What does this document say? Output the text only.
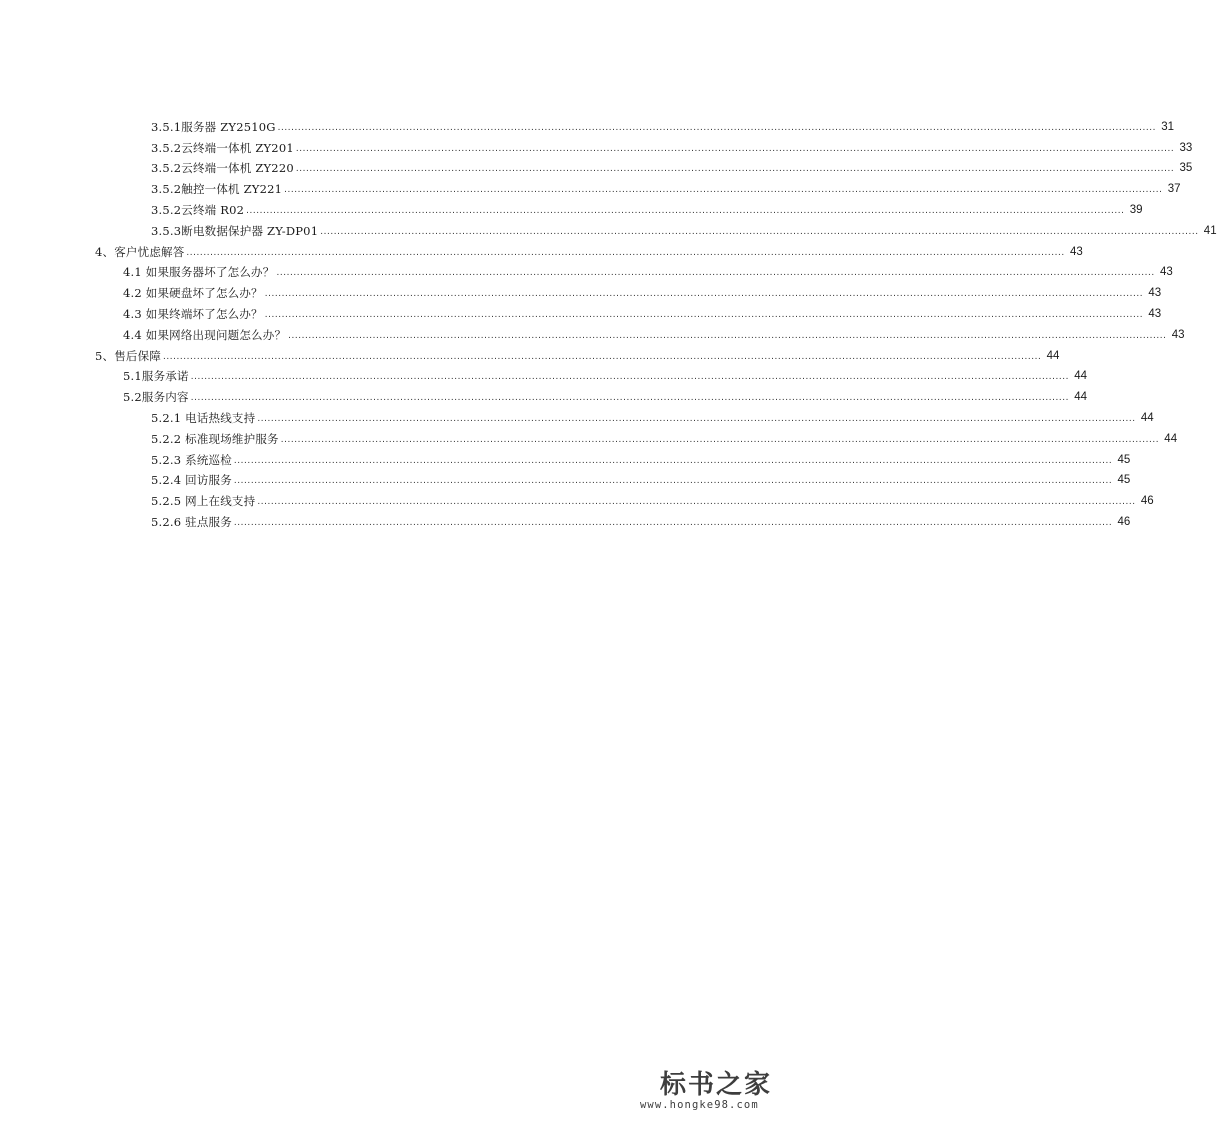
3.5.1服务器 ZY2510G .................................................................................................................................................................................................................................................................... 31
3.5.2云终端一体机 ZY201 .................................................................................................................................................................................................................................................................... 33
3.5.2云终端一体机 ZY220 .................................................................................................................................................................................................................................................................... 35
3.5.2触控一体机 ZY221 .................................................................................................................................................................................................................................................................... 37
3.5.2云终端 R02 .................................................................................................................................................................................................................................................................... 39
3.5.3断电数据保护器 ZY-DP01 .................................................................................................................................................................................................................................................................... 41
4、客户忧虑解答 .................................................................................................................................................................................................................................................................... 43
4.1 如果服务器坏了怎么办？ .................................................................................................................................................................................................................................................................... 43
4.2 如果硬盘坏了怎么办？ .................................................................................................................................................................................................................................................................... 43
4.3 如果终端坏了怎么办？ .................................................................................................................................................................................................................................................................... 43
4.4 如果网络出现问题怎么办？ .................................................................................................................................................................................................................................................................... 43
5、售后保障 .................................................................................................................................................................................................................................................................... 44
5.1服务承诺 .................................................................................................................................................................................................................................................................... 44
5.2服务内容 .................................................................................................................................................................................................................................................................... 44
5.2.1 电话热线支持 .................................................................................................................................................................................................................................................................... 44
5.2.2 标准现场维护服务 .................................................................................................................................................................................................................................................................... 44
5.2.3 系统巡检 .................................................................................................................................................................................................................................................................... 45
5.2.4 回访服务 .................................................................................................................................................................................................................................................................... 45
5.2.5 网上在线支持 .................................................................................................................................................................................................................................................................... 46
5.2.6 驻点服务 .................................................................................................................................................................................................................................................................... 46
标书之家
www.hongke98.com
